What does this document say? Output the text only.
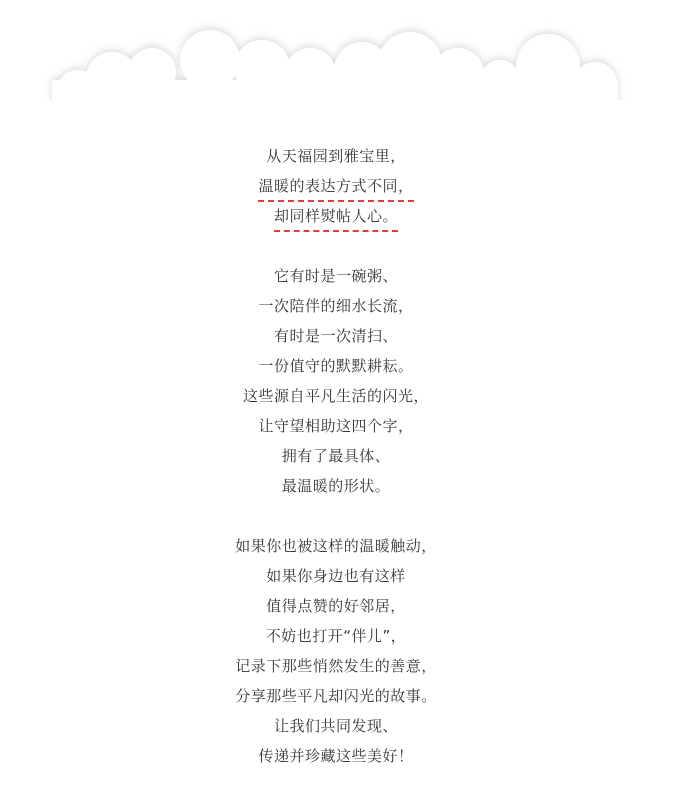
从天福园到雅宝里，
温暖的表达方式不同，
却同样熨帖人心。
它有时是一碗粥、
一次陪伴的细水长流，
有时是一次清扫、
一份值守的默默耕耘。
这些源自平凡生活的闪光，
让守望相助这四个字，
拥有了最具体、
最温暖的形状。
如果你也被这样的温暖触动，
如果你身边也有这样
值得点赞的好邻居，
不妨也打开“伴儿”，
记录下那些悄然发生的善意，
分享那些平凡却闪光的故事。
让我们共同发现、
传递并珍藏这些美好！
